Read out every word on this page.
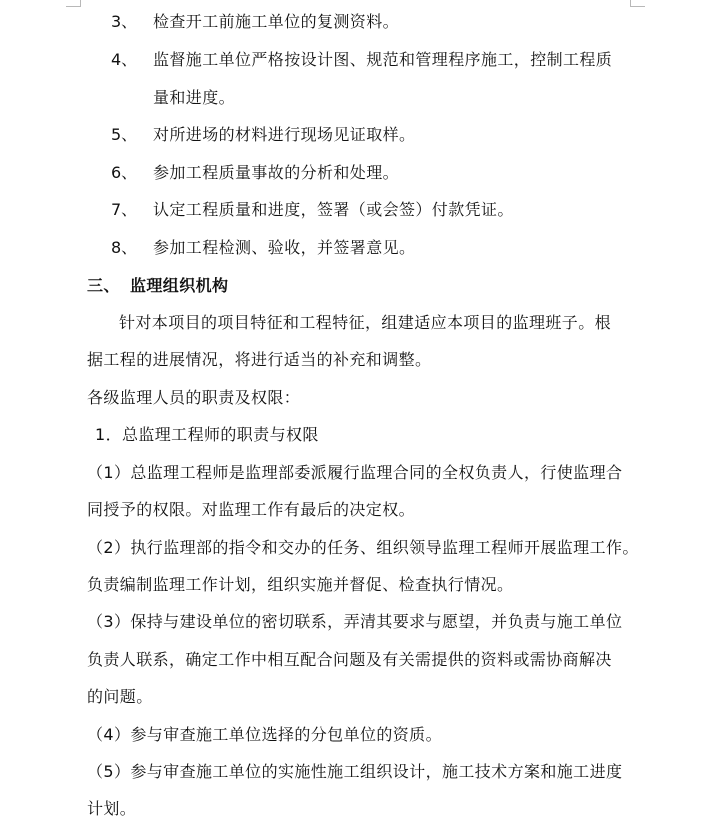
3、 检查开工前施工单位的复测资料。
4、 监督施工单位严格按设计图、规范和管理程序施工，控制工程质
量和进度。
5、 对所进场的材料进行现场见证取样。
6、 参加工程质量事故的分析和处理。
7、 认定工程质量和进度，签署（或会签）付款凭证。
8、 参加工程检测、验收，并签署意见。
三、 监理组织机构
针对本项目的项目特征和工程特征，组建适应本项目的监理班子。根
据工程的进展情况，将进行适当的补充和调整。
各级监理人员的职责及权限：
1．总监理工程师的职责与权限
（1）总监理工程师是监理部委派履行监理合同的全权负责人，行使监理合
同授予的权限。对监理工作有最后的决定权。
（2）执行监理部的指令和交办的任务、组织领导监理工程师开展监理工作。
负责编制监理工作计划，组织实施并督促、检查执行情况。
（3）保持与建设单位的密切联系，弄清其要求与愿望，并负责与施工单位
负责人联系，确定工作中相互配合问题及有关需提供的资料或需协商解决
的问题。
（4）参与审查施工单位选择的分包单位的资质。
（5）参与审查施工单位的实施性施工组织设计，施工技术方案和施工进度
计划。
